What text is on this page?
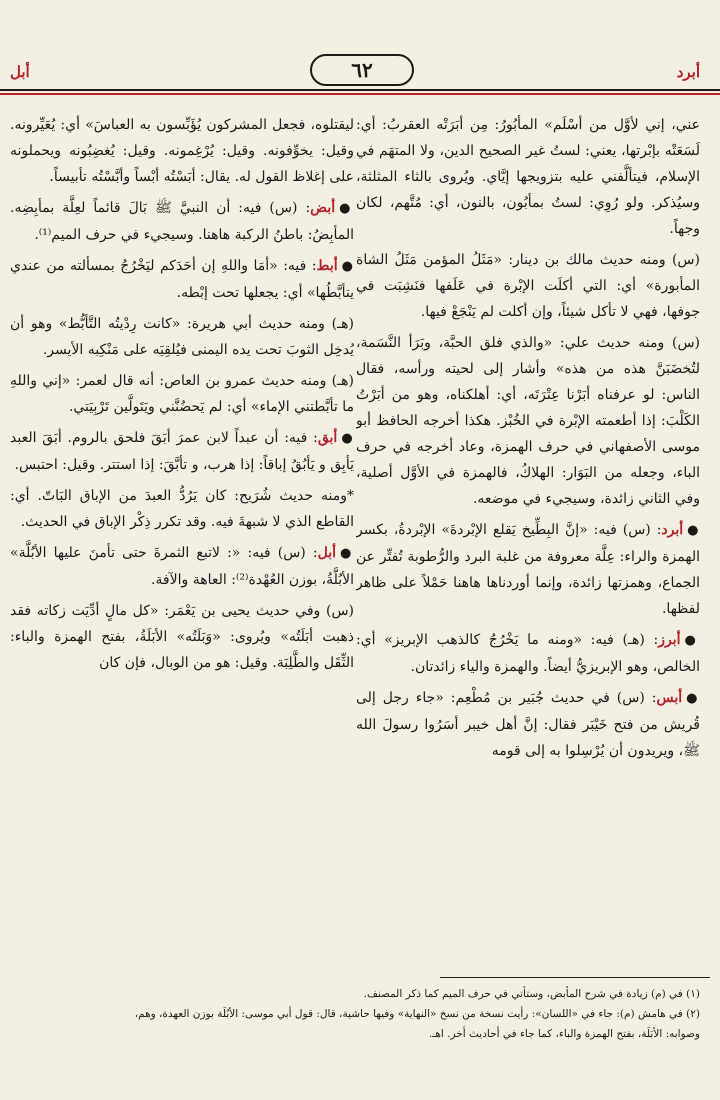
أبرد
٦٢
أبل

عني، إني لأوَّل من أسْلَم» المأبُورُ: مِن أبَرَتْه العقربُ: أي: لَسَعَتْه بإبْرتها، يعني: لستُ غير الصحيح الدين، ولا المتهَم في الإسلام، فيتألَّفني عليه بتزويجها إيَّاي. ويُروى بالثاء المثلثة، وسيُذكر. ولو رُوِي: لستُ بمأبُون، بالنون، أي: مُتَّهم، لكان وجهاً.

(س) ومنه حديث مالك بن دينار: «مَثَلُ المؤمن مَثَلُ الشاة المأبورة» أي: التي أكلَت الإبْرة في عَلَفها فنَشِبَت في جوفها، فهي لا تأكل شيئاً، وإن أكلت لم يَنْجَعْ فيها.

(س) ومنه حديث علي: «والذي فلق الحبَّة، وبَرَأ النَّسَمة، لتُخضَبَنَّ هذه من هذه» وأشار إلى لحيته ورأسه، فقال الناس: لو عرفناه أبَرْنا عِتْرَتَه، أي: أهلكناه، وهو من أبَرْتُ الكَلْبَ: إذا أطعمته الإبْرة في الخُبْز. هكذا أخرجه الحافظ أبو موسى الأصفهاني في حرف الهمزة، وعاد أخرجه في حرف الباء، وجعله من البَوَار: الهلاكُ، فالهمزة في الأوَّل أصلية، وفي الثاني زائدة، وسيجيء في موضعه.

● أبرد: (س) فيه: «إنَّ البِطِّيخ يَقلع الإبْردةَ» الإبْردةُ، بكسر الهمزة والراء: عِلَّة معروفة من غلبة البرد والرُّطوبة تُفتِّر عن الجماع، وهمزتها زائدة، وإنما أوردناها هاهنا حَمْلاً على ظاهر لفظها.

● أبرز: (هـ) فيه: «ومنه ما يَخْرُجُ كالذهب الإبريز» أي: الخالص، وهو الإبريزيُّ أيضاً. والهمزة والياء زائدتان.

● أبس: (س) في حديث جُبَير بن مُطْعِم: «جاء رجل إلى قُريش من فتح خَيْبَر فقال: إنَّ أهل خيبر أسَرُوا رسولَ الله ﷺ، ويريدون أن يُرْسِلوا به إلى قومه

ليقتلوه، فجعل المشركون يُؤَبِّسون به العباسَ» أي: يُعَيِّرونه. وقيل: يخوِّفونه. وقيل: يُرْغِمونه. وقيل: يُغضِبُونه ويحملونه على إغلاظ القول له. يقال: أبَسْتُه أبْساً وأبَّسْتُه تأبيساً.

● أبض: (س) فيه: أن النبيَّ ﷺ بَالَ قائماً لعِلَّة بمأبِضِه. المأبِضُ: باطنُ الركبة هاهنا. وسيجيء في حرف الميم⁽¹⁾.

● أبط: فيه: «أمَا واللهِ إن أحَدَكم ليَخْرُجُ بمسألته من عندي يتأبَّطُها» أي: يجعلها تحت إبْطه.

(هـ) ومنه حديث أبي هريرة: «كانت رِدْيتُه التَّأبُّط» وهو أن يُدخِل الثوبَ تحت يده اليمنى فيُلقِيَه على مَنْكِبه الأيسر.

(هـ) ومنه حديث عمرو بن العاص: أنه قال لعمر: «إني واللهِ ما تأبَّطتني الإماء» أي: لم يَحضُنَّني ويَتَولَّين تَرْبِيَتي.

● أبق: فيه: أن عبداً لابن عمرَ أبَقَ فلحق بالروم. أبَقَ العبد يَأبِق و يَأبُقُ إباقاً: إذا هرب، و تأبَّقَ: إذا استتر. وقيل: احتبس.

*ومنه حديث شُرَيح: كان يَرُدُّ العبدَ من الإباق البَاتّ. أي: القاطع الذي لا شبهةَ فيه. وقد تكرر ذِكْر الإباق في الحديث.

● أبل: (س) فيه: «: لاتبع الثمرةَ حتى تأمنَ عليها الأبُلَّة» الأبُلَّةُ، بوزن العُهْدة⁽²⁾: العاهة والآفة.

(س) وفي حديث يحيى بن يَعْمَر: «كل مالٍ أدِّيَت زكاته فقد ذهبت أبَلَتُه» ويُروى: «وَبَلَتُه» الأبَلَةُ، بفتح الهمزة والباء: الثِّقَل والطَّلِبَة. وقيل: هو من الوبال، فإن كان

(١) في (م) زيادة في شرح المأبض، وستأتي في حرف الميم كما ذكر المصنف.

(٢) في هامش (م): جاء في «اللسان»: رأيت نسخة من نسخ «النهاية» وفيها حاشية، قال: قول أبي موسى: الأبُلَة بوزن العهدة، وهم،

وصوابه: الأبَلَة، بفتح الهمزة والباء، كما جاء في أحاديث أخر. اهـ.
